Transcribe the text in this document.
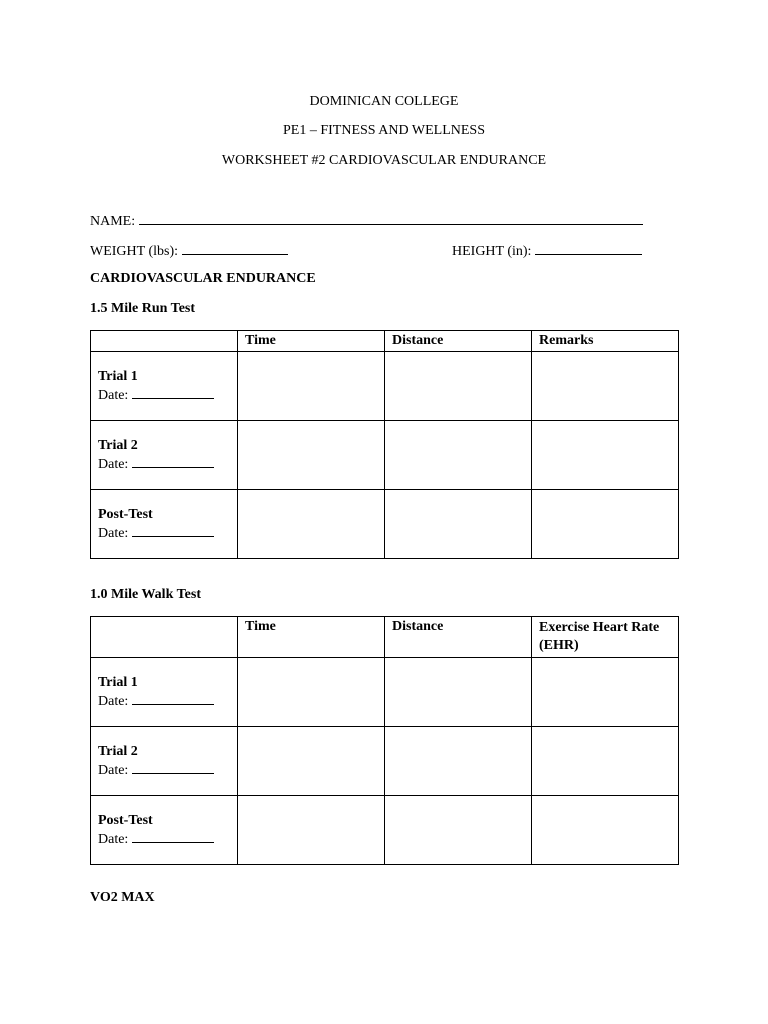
DOMINICAN COLLEGE
PE1 – FITNESS AND WELLNESS
WORKSHEET #2 CARDIOVASCULAR ENDURANCE
NAME:
WEIGHT (lbs):	HEIGHT (in):
CARDIOVASCULAR ENDURANCE
1.5 Mile Run Test
	Time	Distance	Remarks

Trial 1
Date:			

Trial 2
Date:			

Post-Test
Date:			

1.0 Mile Walk Test
	Time	Distance	Exercise Heart Rate (EHR)

Trial 1
Date:			

Trial 2
Date:			

Post-Test
Date:			

VO2 MAX
